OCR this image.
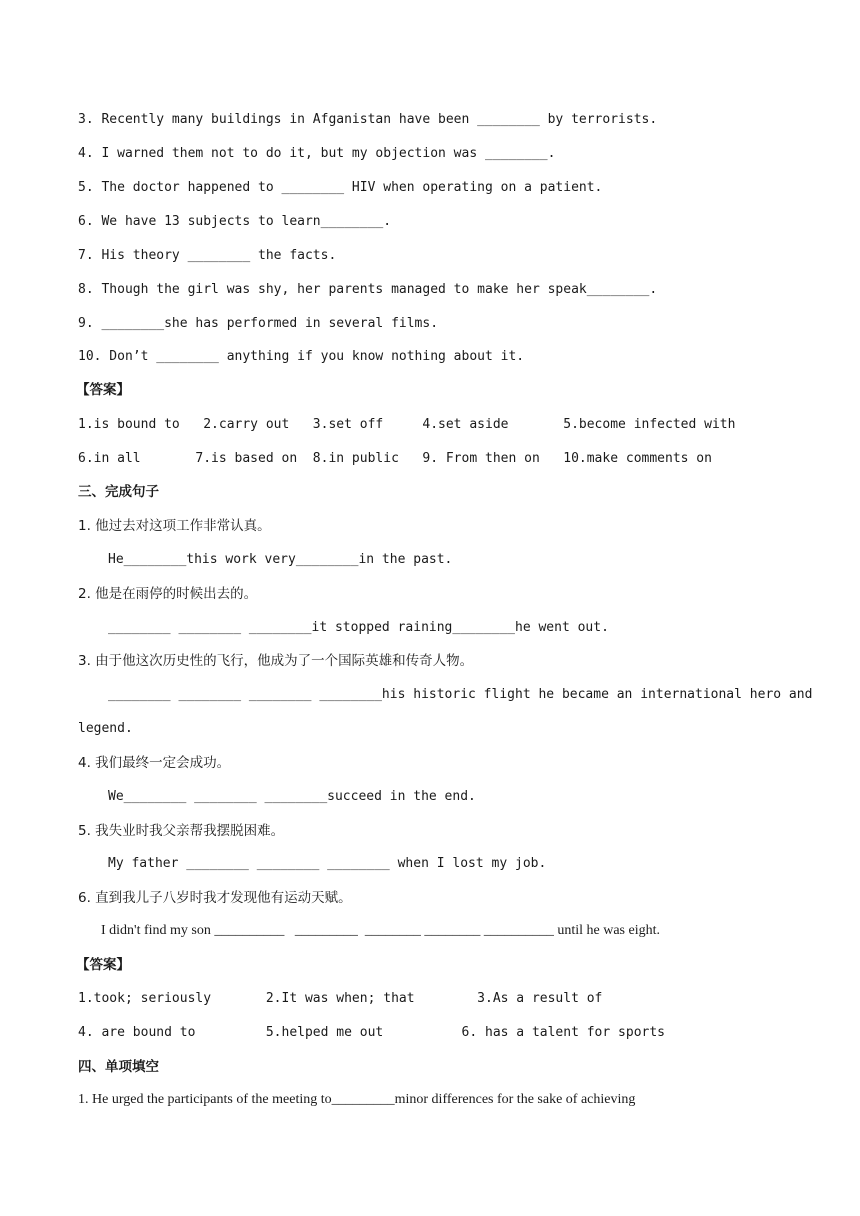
3. Recently many buildings in Afganistan have been ________ by terrorists.
4. I warned them not to do it, but my objection was ________.
5. The doctor happened to ________ HIV when operating on a patient.
6. We have 13 subjects to learn________.
7. His theory ________ the facts.
8. Though the girl was shy, her parents managed to make her speak________.
9. ________she has performed in several films.
10. Don’t ________ anything if you know nothing about it.
【答案】
1.is bound to   2.carry out   3.set off     4.set aside       5.become infected with
6.in all       7.is based on  8.in public   9. From then on   10.make comments on
三、完成句子
1. 他过去对这项工作非常认真。
He________this work very________in the past.
2. 他是在雨停的时候出去的。
________ ________ ________it stopped raining________he went out.
3. 由于他这次历史性的飞行，他成为了一个国际英雄和传奇人物。
________ ________ ________ ________his historic flight he became an international hero and
legend.
4. 我们最终一定会成功。
We________ ________ ________succeed in the end.
5. 我失业时我父亲帮我摆脱困难。
My father ________ ________ ________ when I lost my job.
6. 直到我儿子八岁时我才发现他有运动天赋。
I didn't find my son __________   _________  ________ ________ __________ until he was eight.
【答案】
1.took; seriously       2.It was when; that        3.As a result of
4. are bound to         5.helped me out          6. has a talent for sports
四、单项填空
1. He urged the participants of the meeting to_________minor differences for the sake of achieving
